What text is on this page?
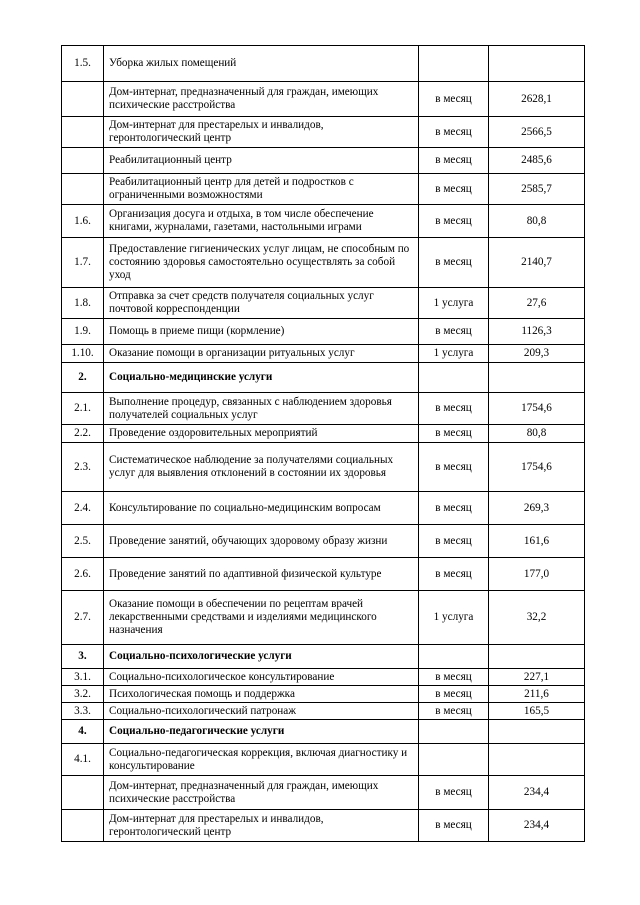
1.5.	Уборка жилых помещений		
	Дом-интернат, предназначенный для граждан, имеющих психические расстройства	в месяц	2628,1
	Дом-интернат для престарелых и инвалидов, геронтологический центр	в месяц	2566,5
	Реабилитационный центр	в месяц	2485,6
	Реабилитационный центр для детей и подростков с ограниченными возможностями	в месяц	2585,7
1.6.	Организация досуга и отдыха, в том числе обеспечение книгами, журналами, газетами, настольными играми	в месяц	80,8
1.7.	Предоставление гигиенических услуг лицам, не способным по состоянию здоровья самостоятельно осуществлять за собой уход	в месяц	2140,7
1.8.	Отправка за счет средств получателя социальных услуг почтовой корреспонденции	1 услуга	27,6
1.9.	Помощь в приеме пищи (кормление)	в месяц	1126,3
1.10.	Оказание помощи в организации ритуальных услуг	1 услуга	209,3
2.	Социально-медицинские услуги		
2.1.	Выполнение процедур, связанных с наблюдением здоровья получателей социальных услуг	в месяц	1754,6
2.2.	Проведение оздоровительных мероприятий	в месяц	80,8
2.3.	Систематическое наблюдение за получателями социальных услуг для выявления отклонений в состоянии их здоровья	в месяц	1754,6
2.4.	Консультирование по социально-медицинским вопросам	в месяц	269,3
2.5.	Проведение занятий, обучающих здоровому образу жизни	в месяц	161,6
2.6.	Проведение занятий по адаптивной физической культуре	в месяц	177,0
2.7.	Оказание помощи в обеспечении по рецептам врачей лекарственными средствами и изделиями медицинского назначения	1 услуга	32,2
3.	Социально-психологические услуги		
3.1.	Социально-психологическое консультирование	в месяц	227,1
3.2.	Психологическая помощь и поддержка	в месяц	211,6
3.3.	Социально-психологический патронаж	в месяц	165,5
4.	Социально-педагогические услуги		
4.1.	Социально-педагогическая коррекция, включая диагностику и консультирование		
	Дом-интернат, предназначенный для граждан, имеющих психические расстройства	в месяц	234,4
	Дом-интернат для престарелых и инвалидов, геронтологический центр	в месяц	234,4
